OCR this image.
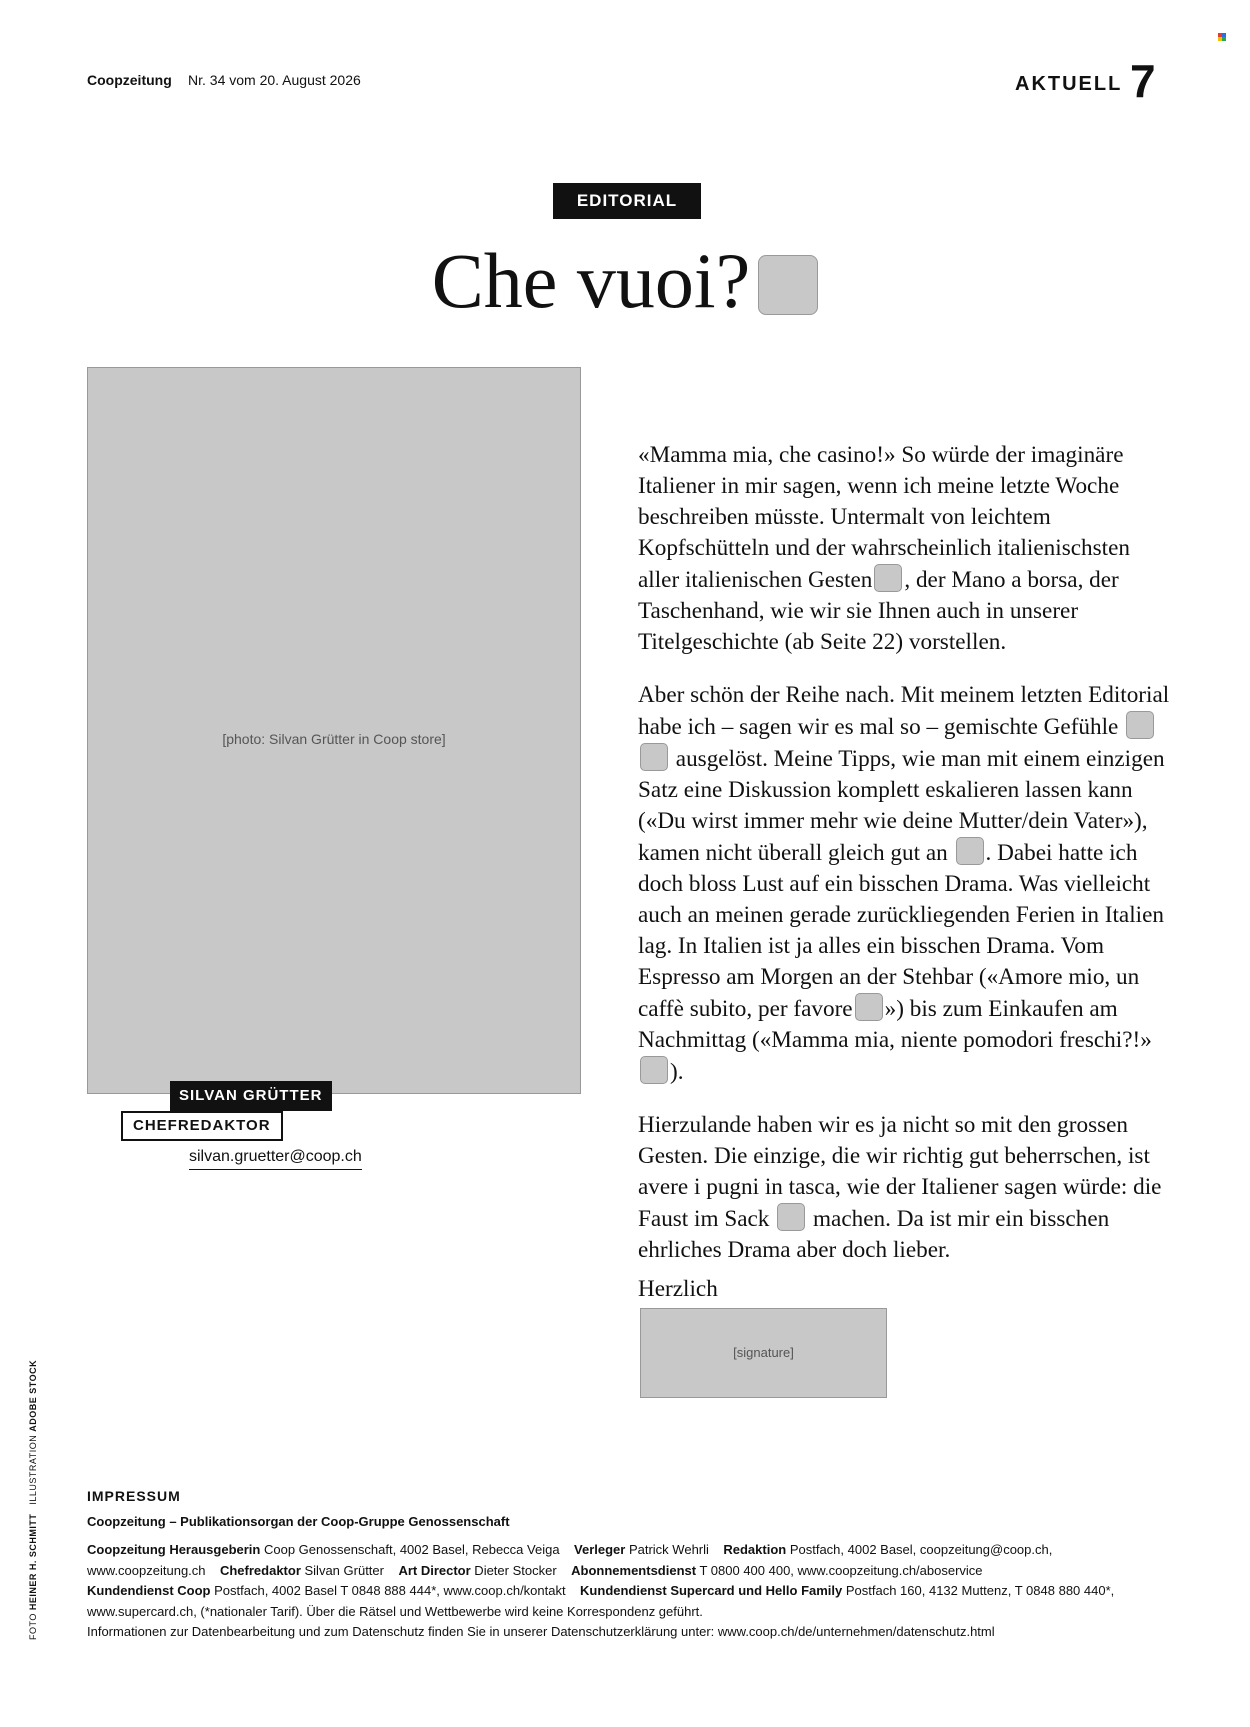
Coopzeitung Nr. 34 vom 20. August 2026	AKTUELL 7
EDITORIAL
Che vuoi?
[photo: Silvan Grütter in Coop store]
SILVAN GRÜTTER
CHEFREDAKTOR
silvan.gruetter@coop.ch

«Mamma mia, che casino!» So würde der imaginäre Italiener in mir sagen, wenn ich meine letzte Woche beschreiben müsste. Untermalt von leichtem Kopfschütteln und der wahrscheinlich italienischsten aller italienischen Gesten , der Mano a borsa, der Taschenhand, wie wir sie Ihnen auch in unserer Titelgeschichte (ab Seite 22) vorstellen.

Aber schön der Reihe nach. Mit meinem letzten Editorial habe ich – sagen wir es mal so – gemischte Gefühle  ausgelöst. Meine Tipps, wie man mit einem einzigen Satz eine Diskussion komplett eskalieren lassen kann («Du wirst immer mehr wie deine Mutter/dein Vater»), kamen nicht überall gleich gut an . Dabei hatte ich doch bloss Lust auf ein bisschen Drama. Was vielleicht auch an meinen gerade zurückliegenden Ferien in Italien lag. In Italien ist ja alles ein bisschen Drama. Vom Espresso am Morgen an der Stehbar («Amore mio, un caffè subito, per favore ») bis zum Einkaufen am Nachmittag («Mamma mia, niente pomodori freschi?!» ).

Hierzulande haben wir es ja nicht so mit den grossen Gesten. Die einzige, die wir richtig gut beherrschen, ist avere i pugni in tasca, wie der Italiener sagen würde: die Faust im Sack  machen. Da ist mir ein bisschen ehrliches Drama aber doch lieber.

Herzlich
[signature]
FOTO HEINER H. SCHMITT   ILLUSTRATION ADOBE STOCK
IMPRESSUM
Coopzeitung – Publikationsorgan der Coop-Gruppe Genossenschaft
Coopzeitung Herausgeberin Coop Genossenschaft, 4002 Basel, Rebecca Veiga Verleger Patrick Wehrli Redaktion Postfach, 4002 Basel, coopzeitung@coop.ch, www.coopzeitung.ch Chefredaktor Silvan Grütter Art Director Dieter Stocker Abonnementsdienst T 0800 400 400, www.coopzeitung.ch/aboservice
Kundendienst Coop Postfach, 4002 Basel T 0848 888 444*, www.coop.ch/kontakt Kundendienst Supercard und Hello Family Postfach 160, 4132 Muttenz, T 0848 880 440*, www.supercard.ch, (*nationaler Tarif). Über die Rätsel und Wettbewerbe wird keine Korrespondenz geführt.
Informationen zur Datenbearbeitung und zum Datenschutz finden Sie in unserer Datenschutzerklärung unter: www.coop.ch/de/unternehmen/datenschutz.html
